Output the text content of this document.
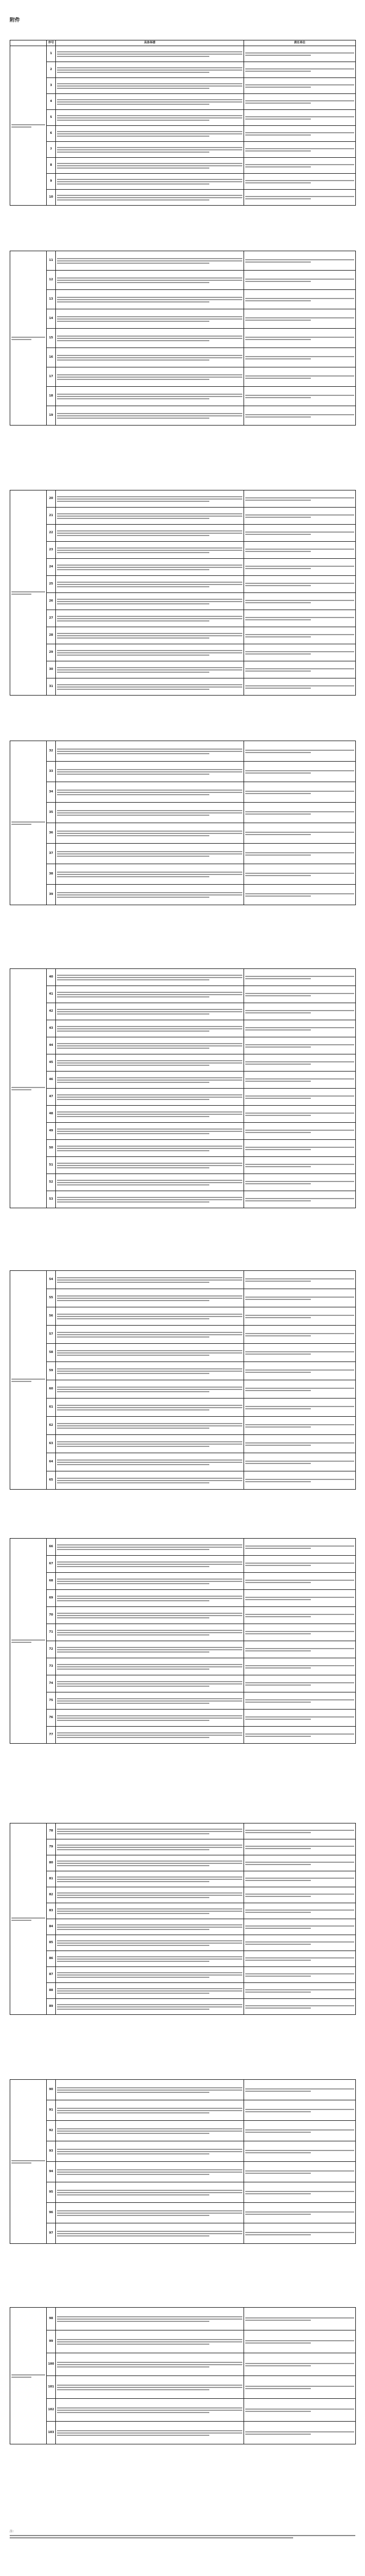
附件
	序号	具体举措	责任单位

	1	

	2	

	3	

	4	

	5	

	6	

	7	

	8	

	9	

	10	

	11	

	12	

	13	

	14	

	15	

	16	

	17	

	18	

	19	

	20	

	21	

	22	

	23	

	24	

	25	

	26	

	27	

	28	

	29	

	30	

	31	

	32	

	33	

	34	

	35	

	36	

	37	

	38	

	39	

	40	

	41	

	42	

	43	

	44	

	45	

	46	

	47	

	48	

	49	

	50	

	51	

	52	

	53	

	54	

	55	

	56	

	57	

	58	

	59	

	60	

	61	

	62	

	63	

	64	

	65	

	66	

	67	

	68	

	69	

	70	

	71	

	72	

	73	

	74	

	75	

	76	

	77	

	78	

	79	

	80	

	81	

	82	

	83	

	84	

	85	

	86	

	87	

	88	

	89	

	90	

	91	

	92	

	93	

	94	

	95	

	96	

	97	

	98	

	99	

	100	

	101	

	102	

	103	

注：
